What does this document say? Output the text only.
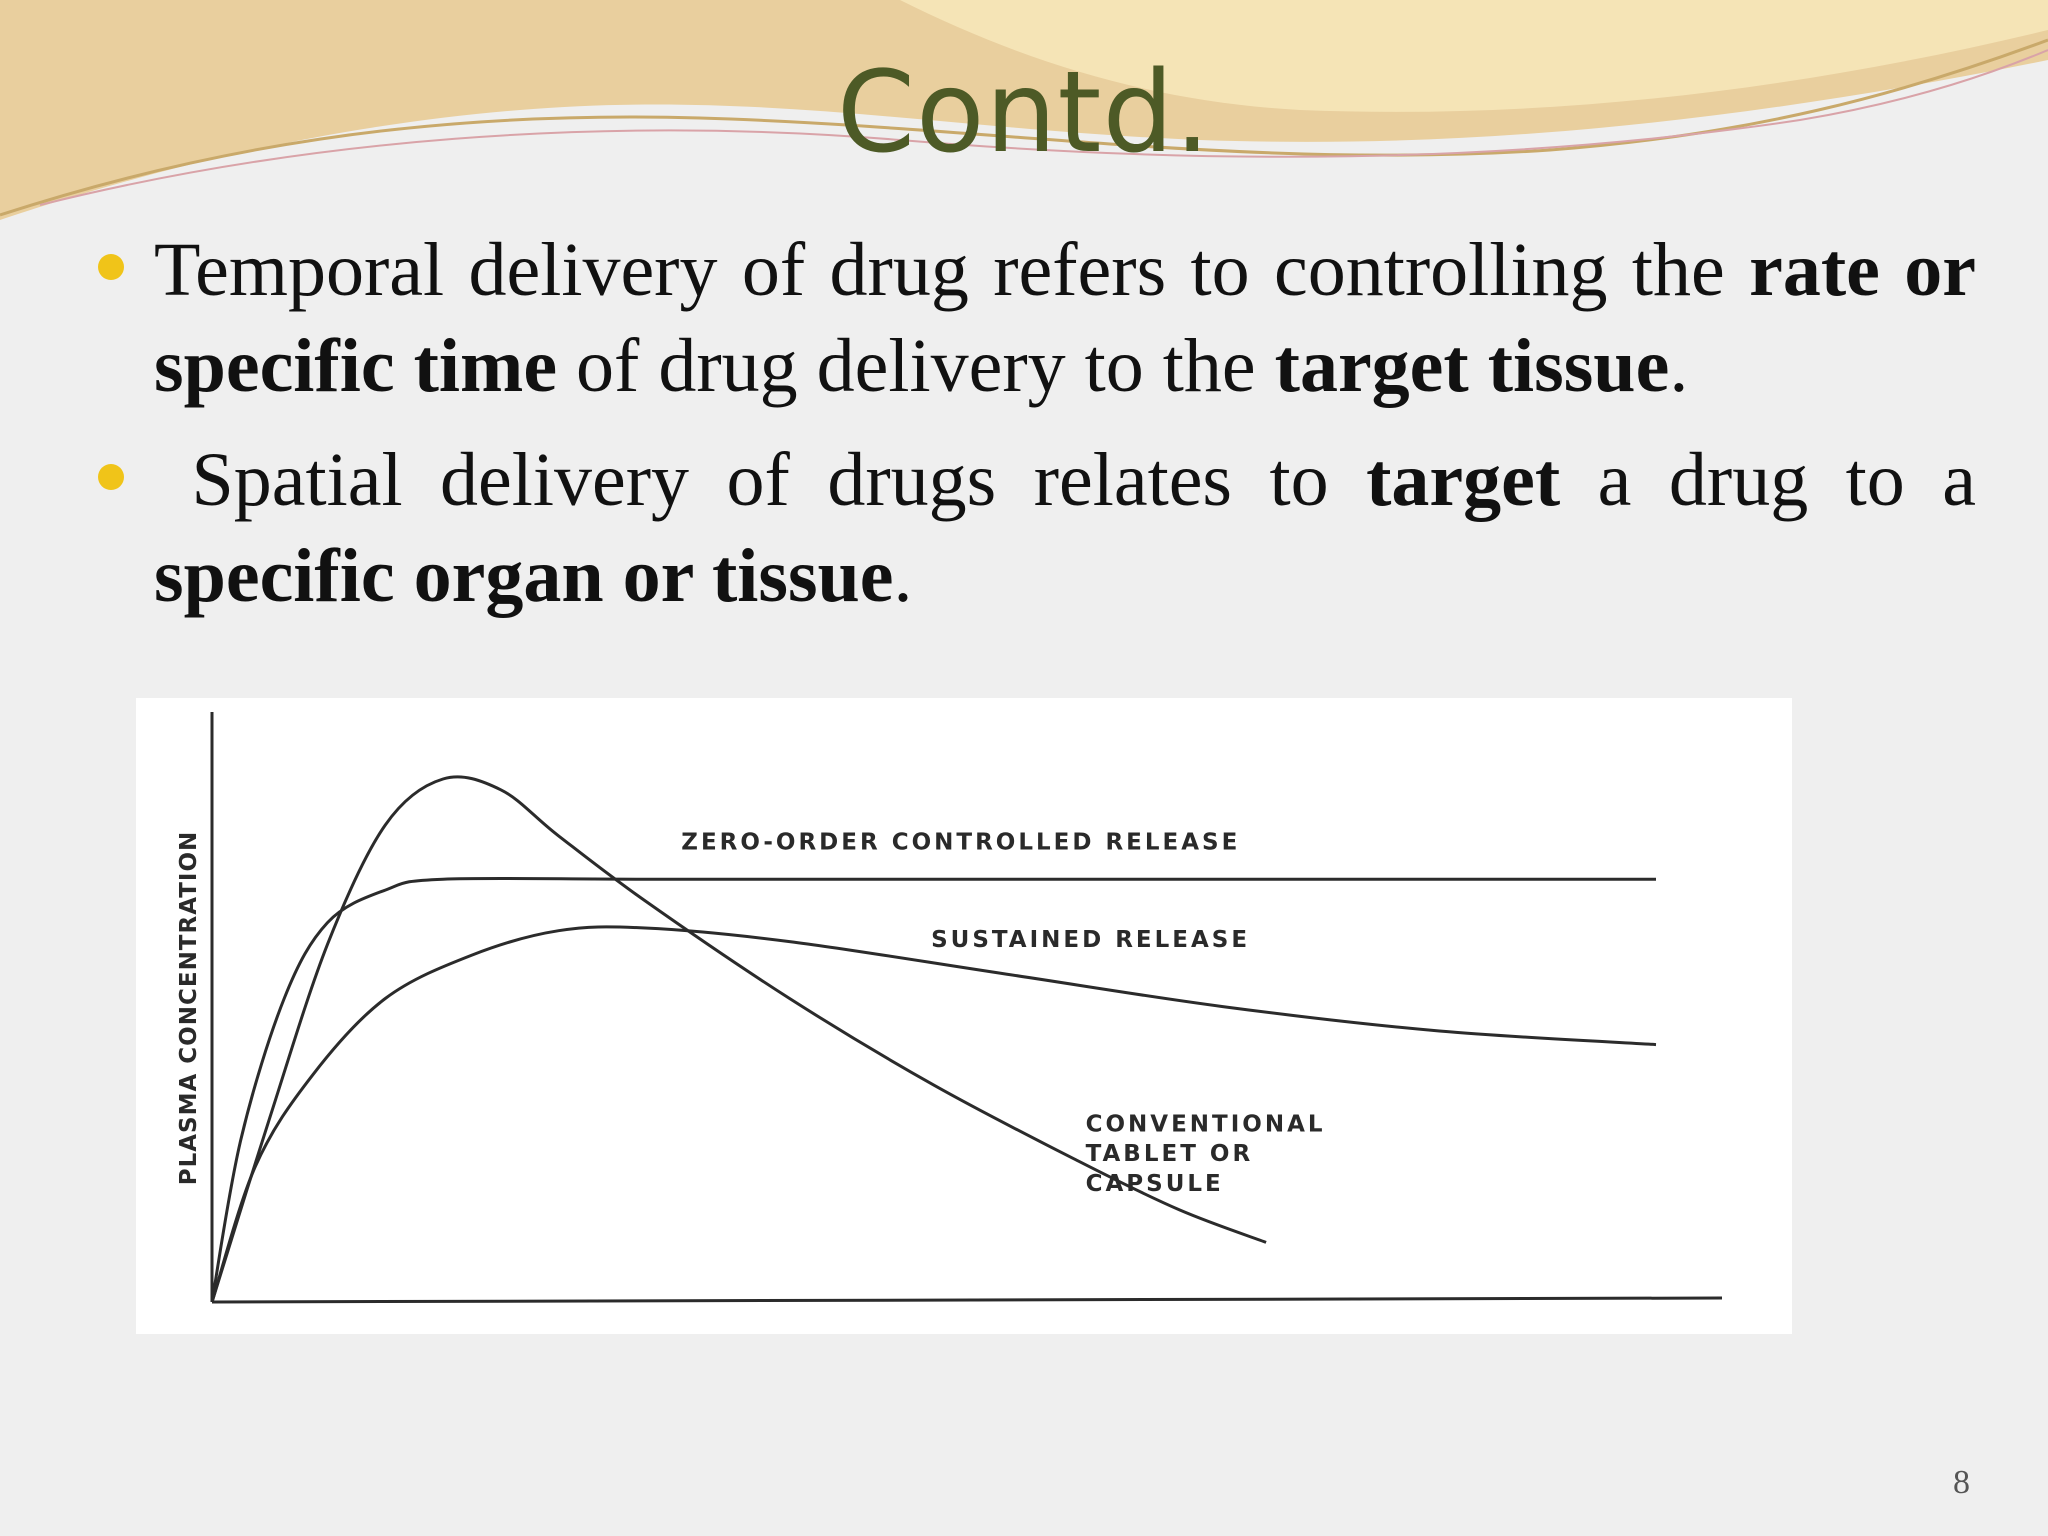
Contd.
Temporal delivery of drug refers to controlling the rate or specific time of drug delivery to the target tissue.
Spatial delivery of drugs relates to target a drug to a specific organ or tissue.
PLASMA CONCENTRATION	ZERO-ORDER CONTROLLED RELEASE
SUSTAINED RELEASE
CONVENTIONAL
TABLET OR
CAPSULE
8
